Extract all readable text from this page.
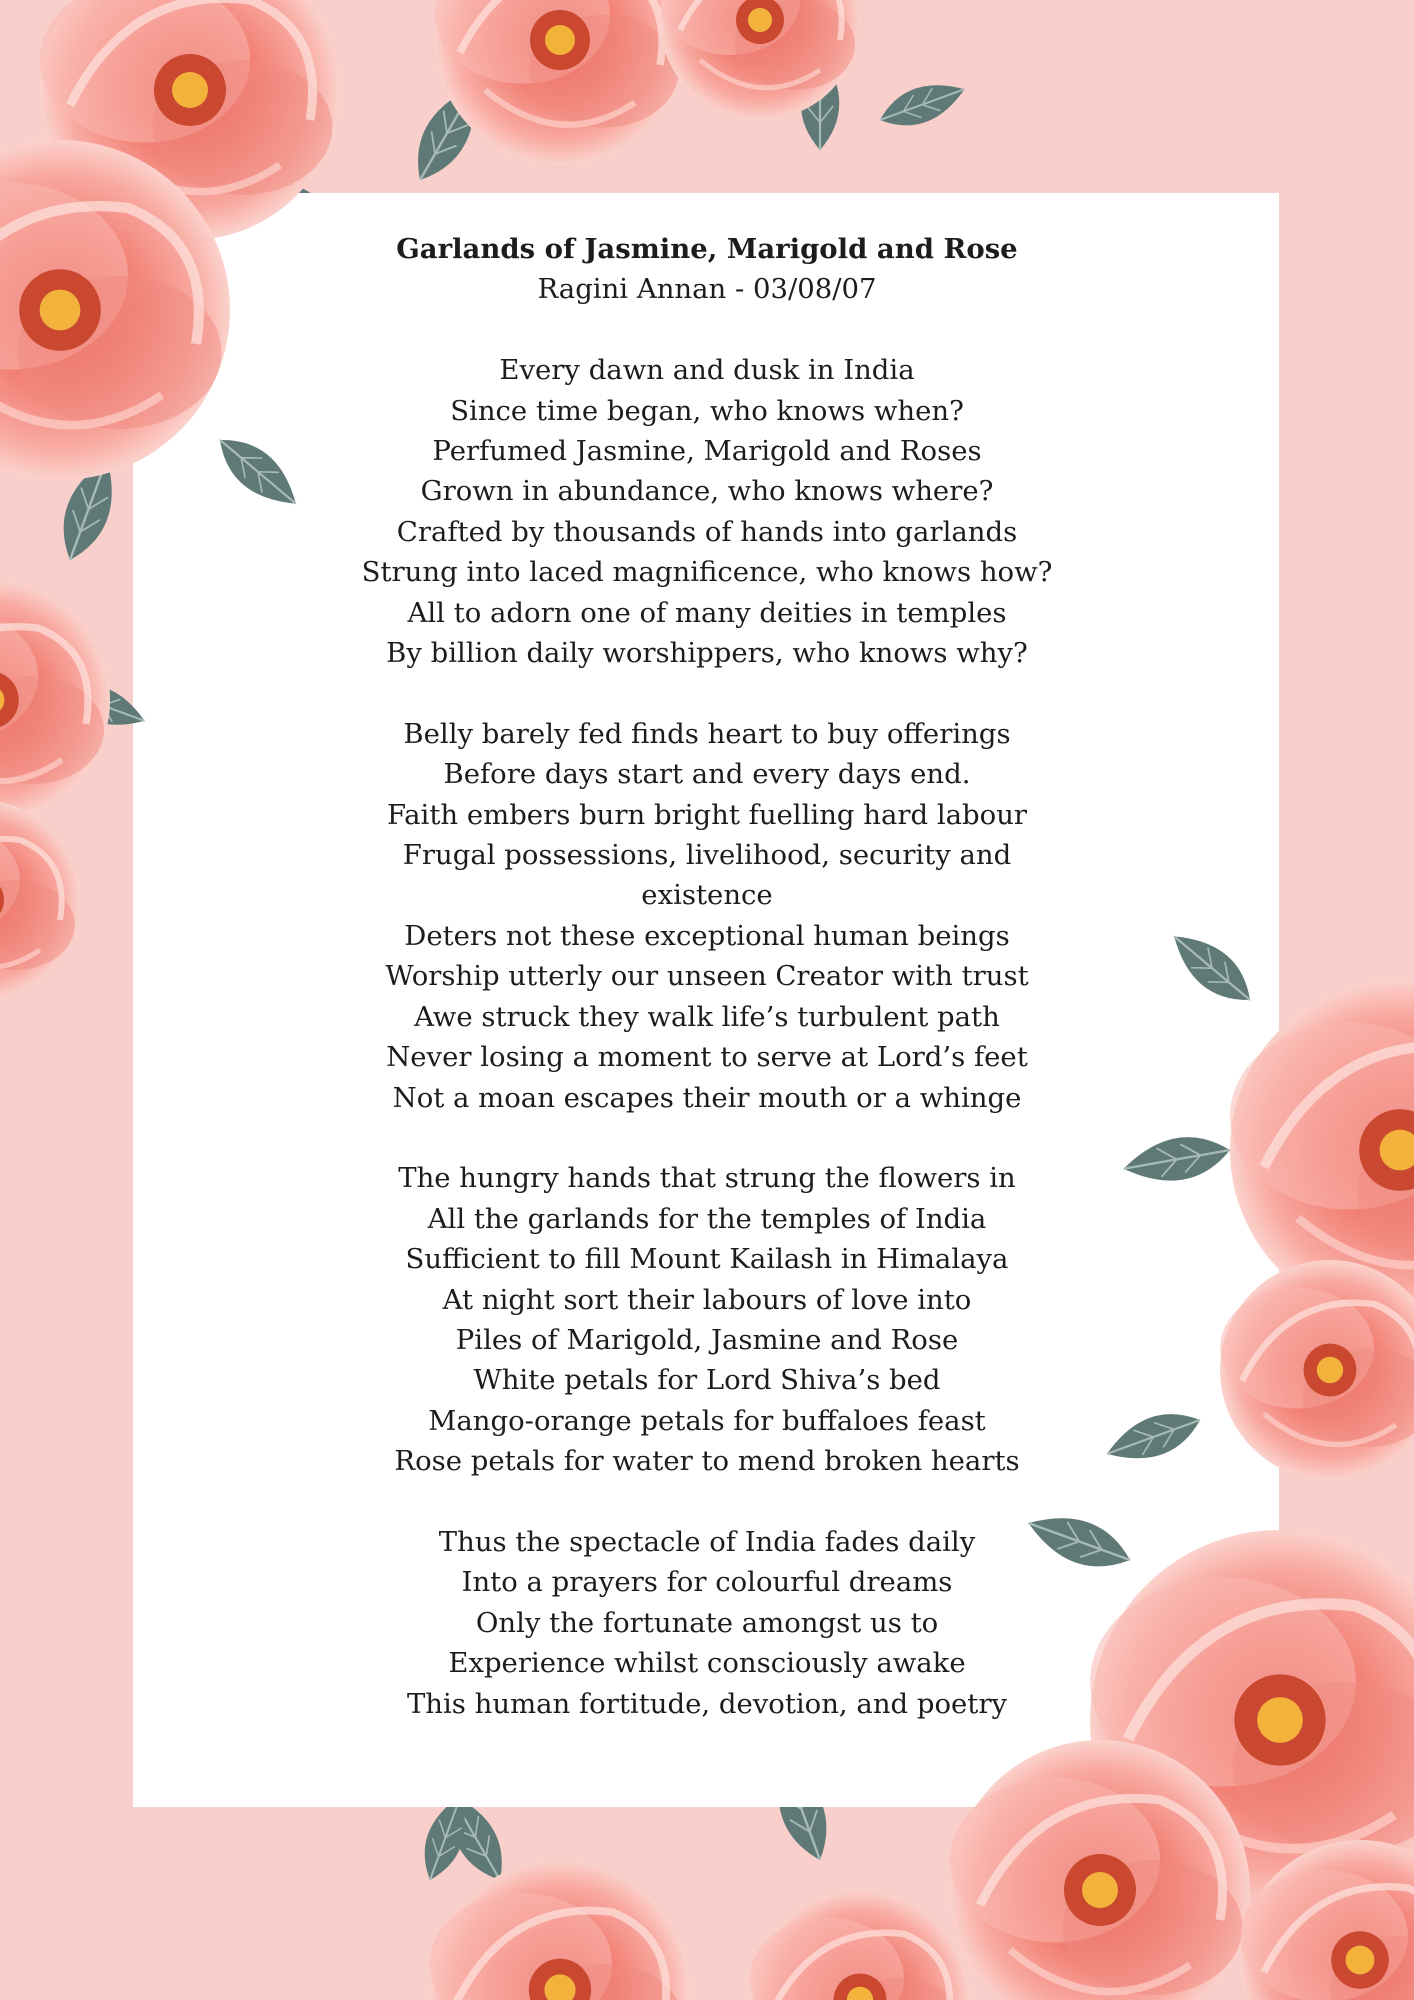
Garlands of Jasmine, Marigold and Rose
Ragini Annan - 03/08/07
Every dawn and dusk in India
Since time began, who knows when?
Perfumed Jasmine, Marigold and Roses
Grown in abundance, who knows where?
Crafted by thousands of hands into garlands
Strung into laced magnificence, who knows how?
All to adorn one of many deities in temples
By billion daily worshippers, who knows why?
Belly barely fed finds heart to buy offerings
Before days start and every days end.
Faith embers burn bright fuelling hard labour
Frugal possessions, livelihood, security and
existence
Deters not these exceptional human beings
Worship utterly our unseen Creator with trust
Awe struck they walk life’s turbulent path
Never losing a moment to serve at Lord’s feet
Not a moan escapes their mouth or a whinge
The hungry hands that strung the flowers in
All the garlands for the temples of India
Sufficient to fill Mount Kailash in Himalaya
At night sort their labours of love into
Piles of Marigold, Jasmine and Rose
White petals for Lord Shiva’s bed
Mango-orange petals for buffaloes feast
Rose petals for water to mend broken hearts
Thus the spectacle of India fades daily
Into a prayers for colourful dreams
Only the fortunate amongst us to
Experience whilst consciously awake
This human fortitude, devotion, and poetry
